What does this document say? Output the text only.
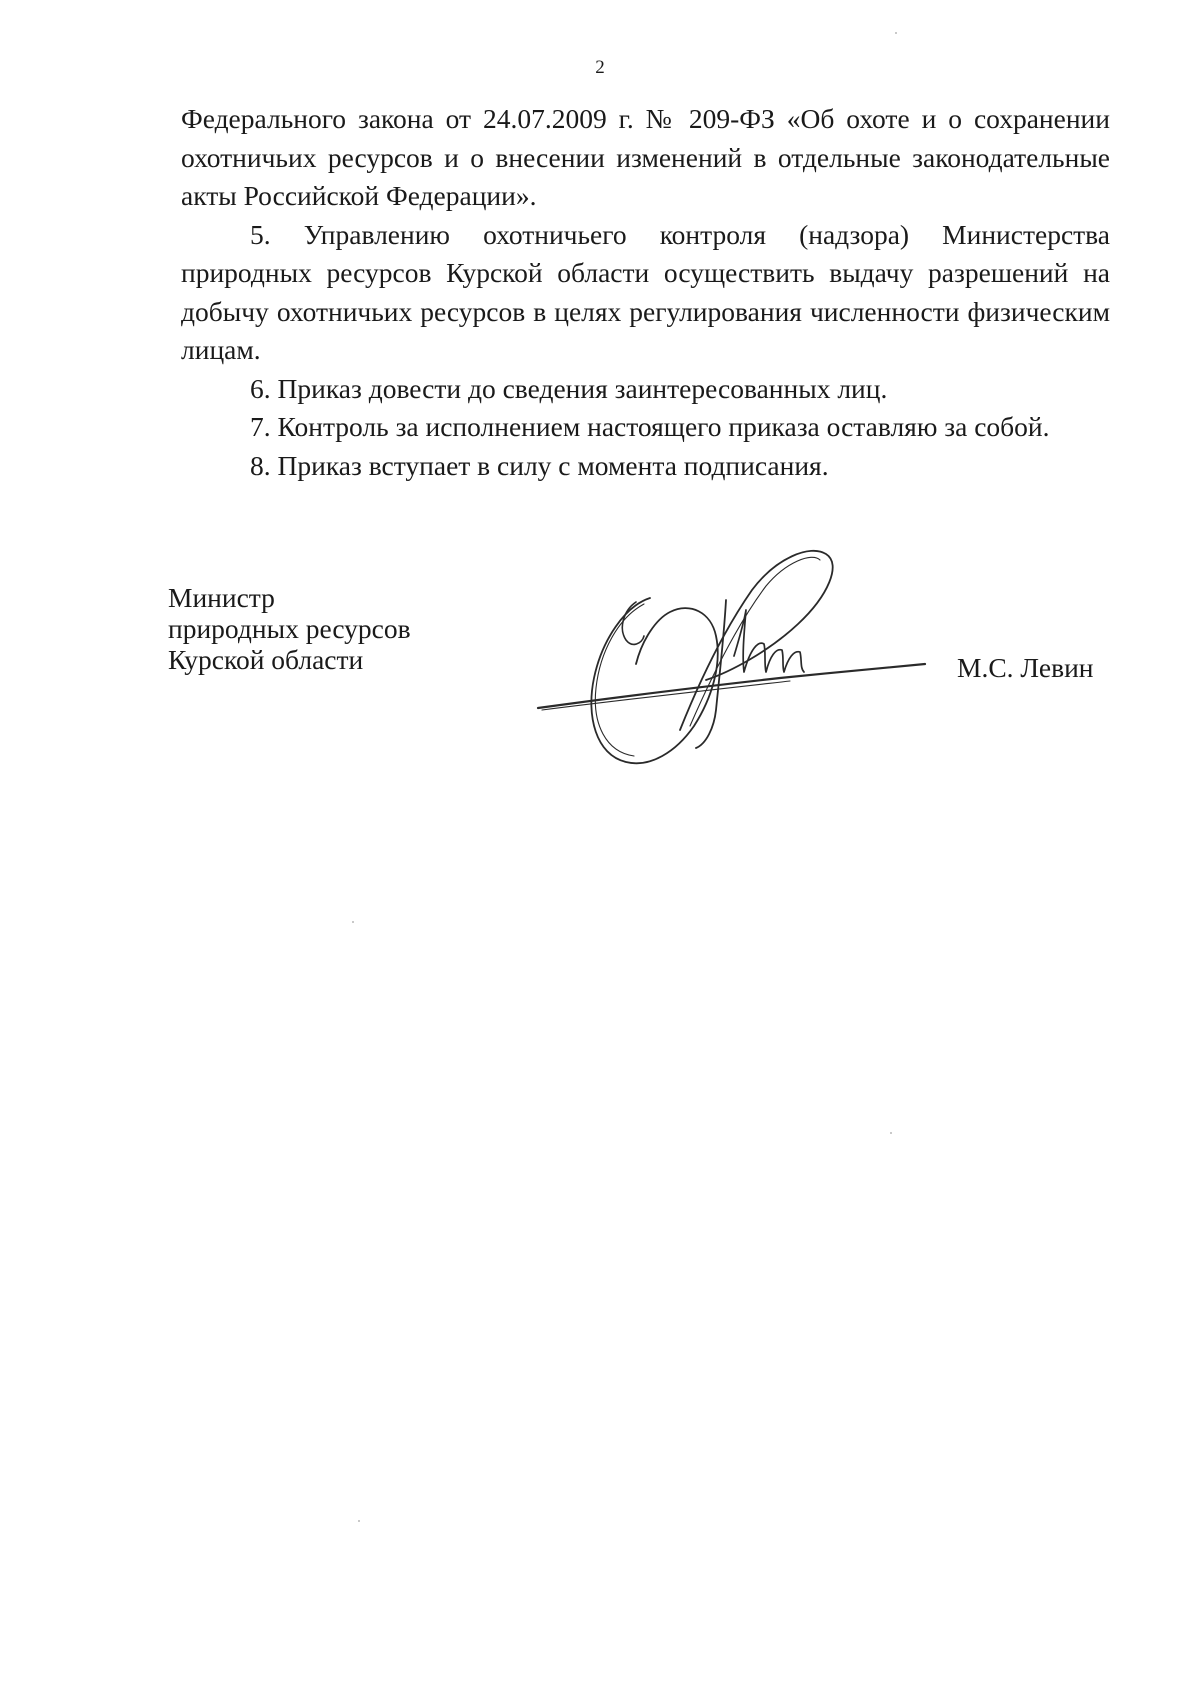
2

Федерального закона от 24.07.2009 г. № 209-ФЗ «Об охоте и о сохранении охотничьих ресурсов и о внесении изменений в отдельные законодательные акты Российской Федерации».

5. Управлению охотничьего контроля (надзора) Министерства природных ресурсов Курской области осуществить выдачу разрешений на добычу охотничьих ресурсов в целях регулирования численности физическим лицам.

6. Приказ довести до сведения заинтересованных лиц.

7. Контроль за исполнением настоящего приказа оставляю за собой.

8. Приказ вступает в силу с момента подписания.

Министр
природных ресурсов
Курской области	М.С. Левин
